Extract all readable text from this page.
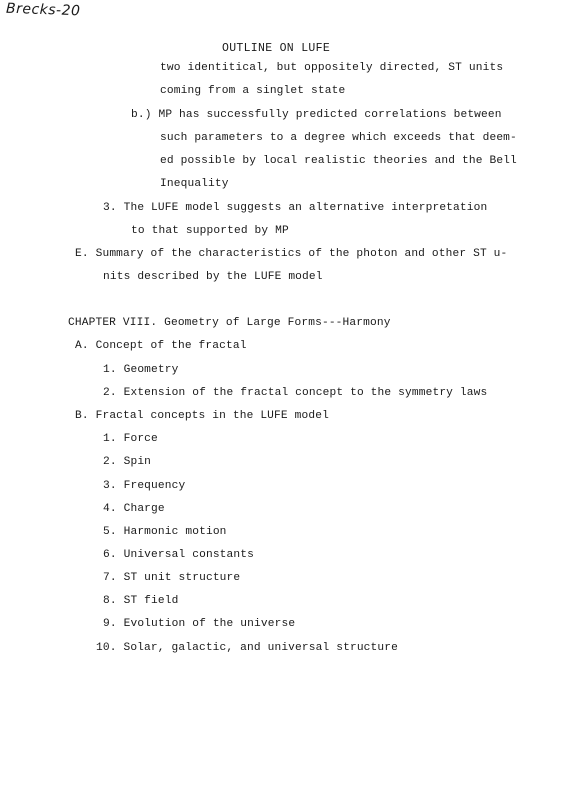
Brecks-20
OUTLINE ON LUFE
two identitical, but oppositely directed, ST units
coming from a singlet state
b.) MP has successfully predicted correlations between
such parameters to a degree which exceeds that deem-
ed possible by local realistic theories and the Bell
Inequality
3. The LUFE model suggests an alternative interpretation
to that supported by MP
E. Summary of the characteristics of the photon and other ST u-
nits described by the LUFE model
CHAPTER VIII. Geometry of Large Forms---Harmony
A. Concept of the fractal
1. Geometry
2. Extension of the fractal concept to the symmetry laws
B. Fractal concepts in the LUFE model
1. Force
2. Spin
3. Frequency
4. Charge
5. Harmonic motion
6. Universal constants
7. ST unit structure
8. ST field
9. Evolution of the universe
10. Solar, galactic, and universal structure
